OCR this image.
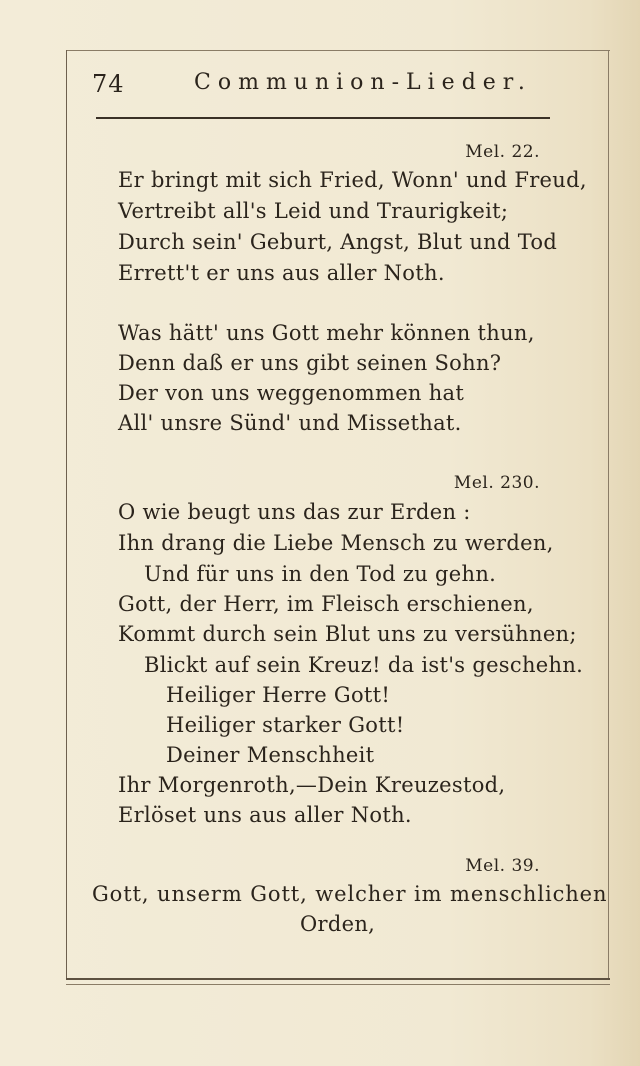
74	Communion-Lieder.
Mel. 22.
Er bringt mit sich Fried, Wonn' und Freud,
Vertreibt all's Leid und Traurigkeit;
Durch sein' Geburt, Angst, Blut und Tod
Errett't er uns aus aller Noth.
Was hätt' uns Gott mehr können thun,
Denn daß er uns gibt seinen Sohn?
Der von uns weggenommen hat
All' unsre Sünd' und Missethat.
Mel. 230.
O wie beugt uns das zur Erden :
Ihn drang die Liebe Mensch zu werden,
Und für uns in den Tod zu gehn.
Gott, der Herr, im Fleisch erschienen,
Kommt durch sein Blut uns zu versühnen;
Blickt auf sein Kreuz! da ist's geschehn.
Heiliger Herre Gott!
Heiliger starker Gott!
Deiner Menschheit
Ihr Morgenroth,—Dein Kreuzestod,
Erlöset uns aus aller Noth.
Mel. 39.
Gott, unserm Gott, welcher im menschlichen
Orden,
